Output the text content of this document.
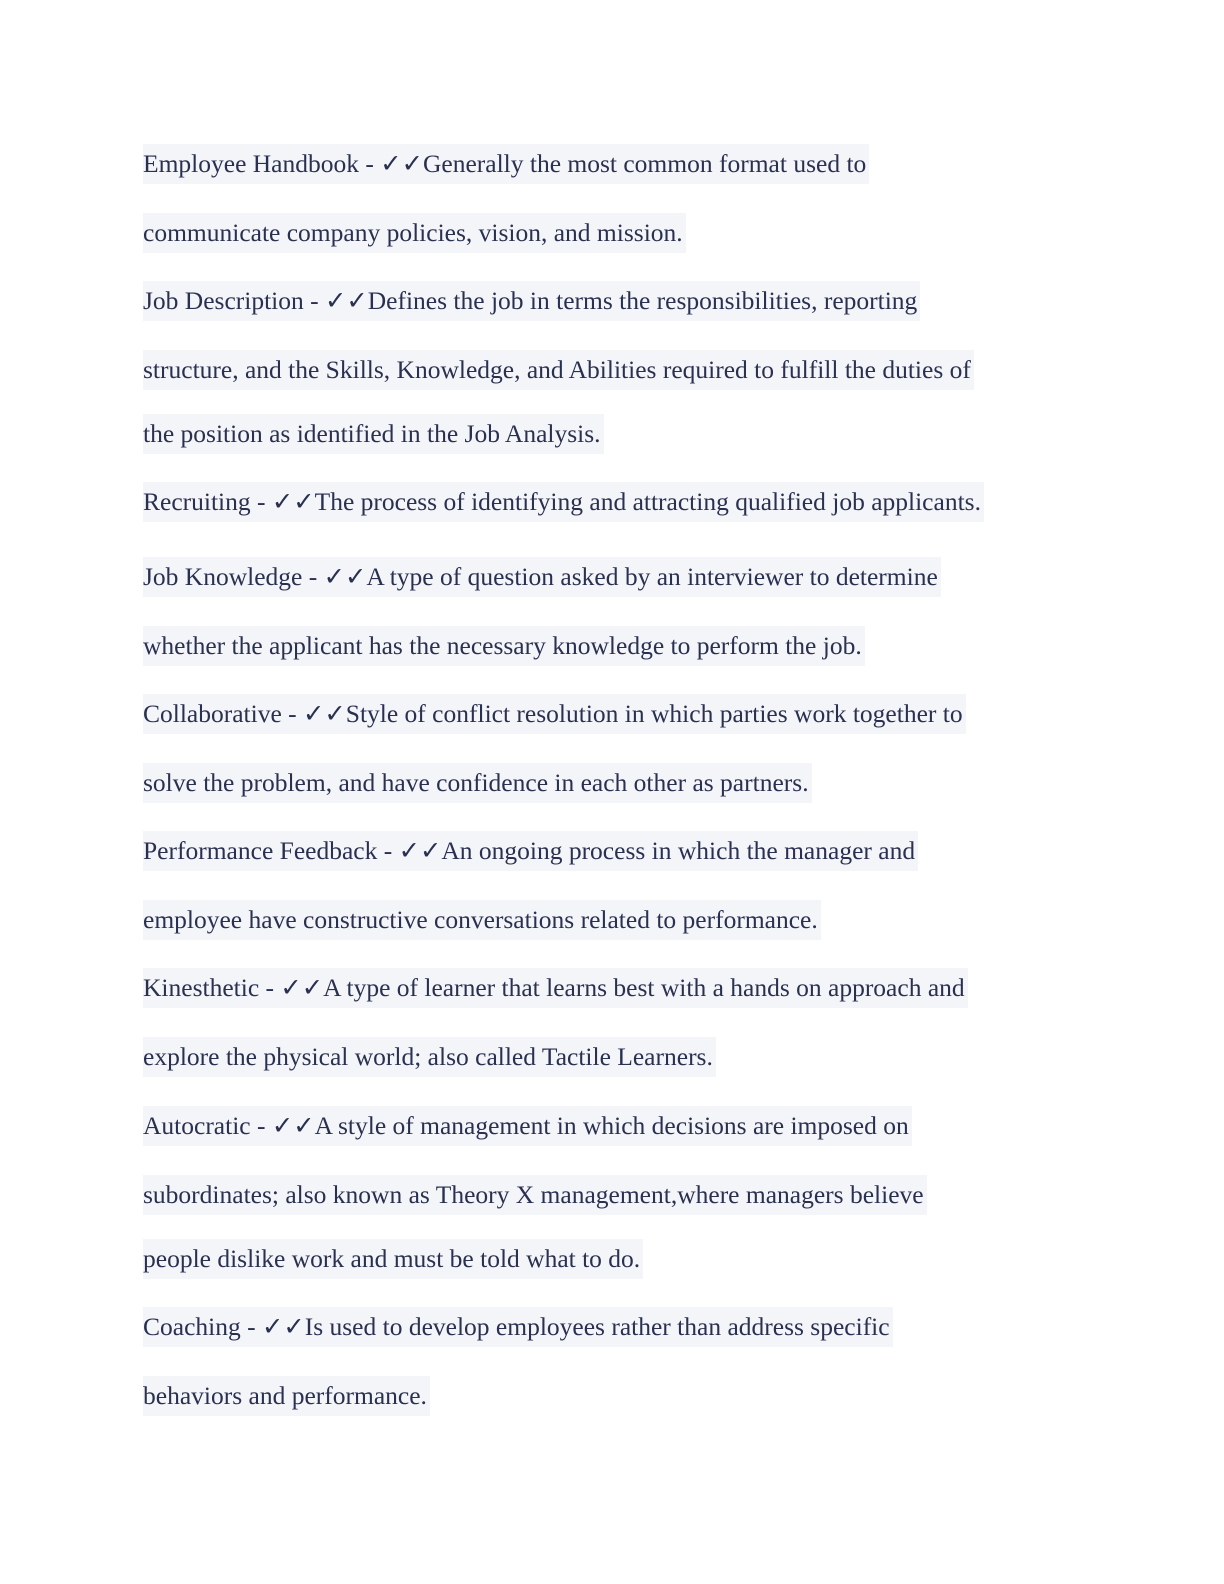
Employee Handbook - ✓✓Generally the most common format used to
communicate company policies, vision, and mission.
Job Description - ✓✓Defines the job in terms the responsibilities, reporting
structure, and the Skills, Knowledge, and Abilities required to fulfill the duties of
the position as identified in the Job Analysis.
Recruiting - ✓✓The process of identifying and attracting qualified job applicants.
Job Knowledge - ✓✓A type of question asked by an interviewer to determine
whether the applicant has the necessary knowledge to perform the job.
Collaborative - ✓✓Style of conflict resolution in which parties work together to
solve the problem, and have confidence in each other as partners.
Performance Feedback - ✓✓An ongoing process in which the manager and
employee have constructive conversations related to performance.
Kinesthetic - ✓✓A type of learner that learns best with a hands on approach and
explore the physical world; also called Tactile Learners.
Autocratic - ✓✓A style of management in which decisions are imposed on
subordinates; also known as Theory X management,where managers believe
people dislike work and must be told what to do.
Coaching - ✓✓Is used to develop employees rather than address specific
behaviors and performance.
